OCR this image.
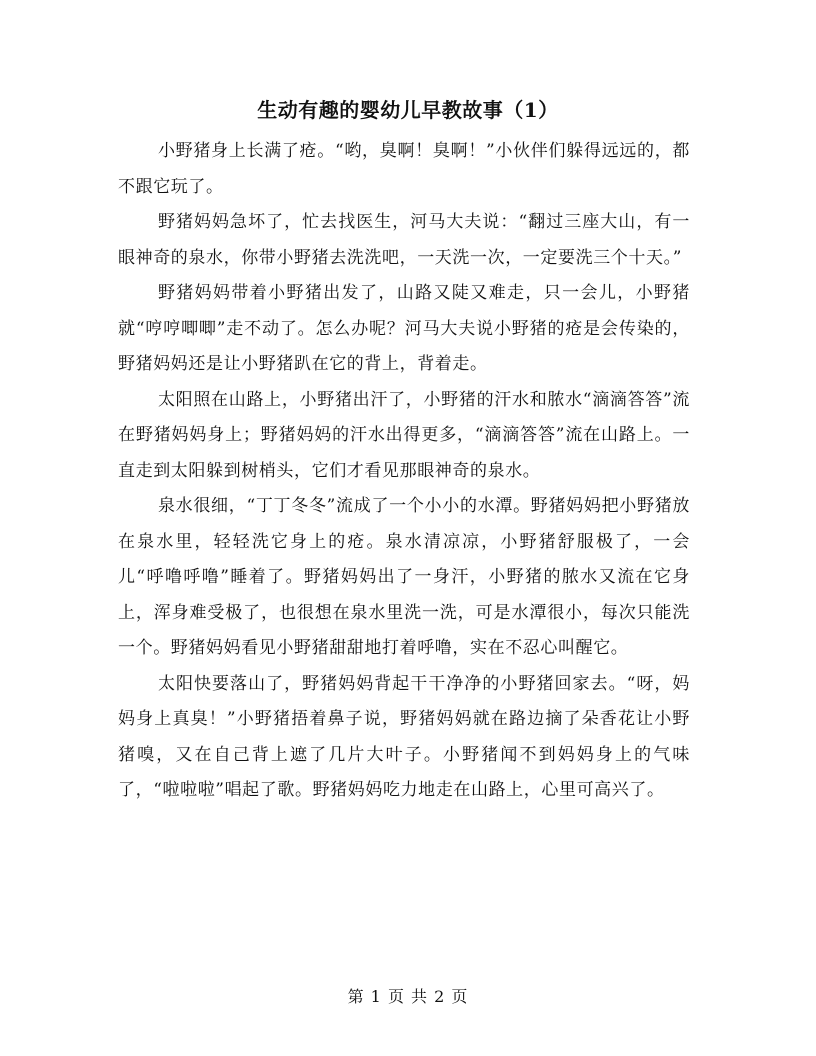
生动有趣的婴幼儿早教故事（1）

小野猪身上长满了疮。“哟，臭啊！臭啊！”小伙伴们躲得远远的，都不跟它玩了。

野猪妈妈急坏了，忙去找医生，河马大夫说：“翻过三座大山，有一眼神奇的泉水，你带小野猪去洗洗吧，一天洗一次，一定要洗三个十天。”

野猪妈妈带着小野猪出发了，山路又陡又难走，只一会儿，小野猪就“哼哼唧唧”走不动了。怎么办呢？河马大夫说小野猪的疮是会传染的，野猪妈妈还是让小野猪趴在它的背上，背着走。

太阳照在山路上，小野猪出汗了，小野猪的汗水和脓水“滴滴答答”流在野猪妈妈身上；野猪妈妈的汗水出得更多，“滴滴答答”流在山路上。一直走到太阳躲到树梢头，它们才看见那眼神奇的泉水。

泉水很细，“丁丁冬冬”流成了一个小小的水潭。野猪妈妈把小野猪放在泉水里，轻轻洗它身上的疮。泉水清凉凉，小野猪舒服极了，一会儿“呼噜呼噜”睡着了。野猪妈妈出了一身汗，小野猪的脓水又流在它身上，浑身难受极了，也很想在泉水里洗一洗，可是水潭很小，每次只能洗一个。野猪妈妈看见小野猪甜甜地打着呼噜，实在不忍心叫醒它。

太阳快要落山了，野猪妈妈背起干干净净的小野猪回家去。“呀，妈妈身上真臭！”小野猪捂着鼻子说，野猪妈妈就在路边摘了朵香花让小野猪嗅，又在自己背上遮了几片大叶子。小野猪闻不到妈妈身上的气味了，“啦啦啦”唱起了歌。野猪妈妈吃力地走在山路上，心里可高兴了。

第 1 页 共 2 页
